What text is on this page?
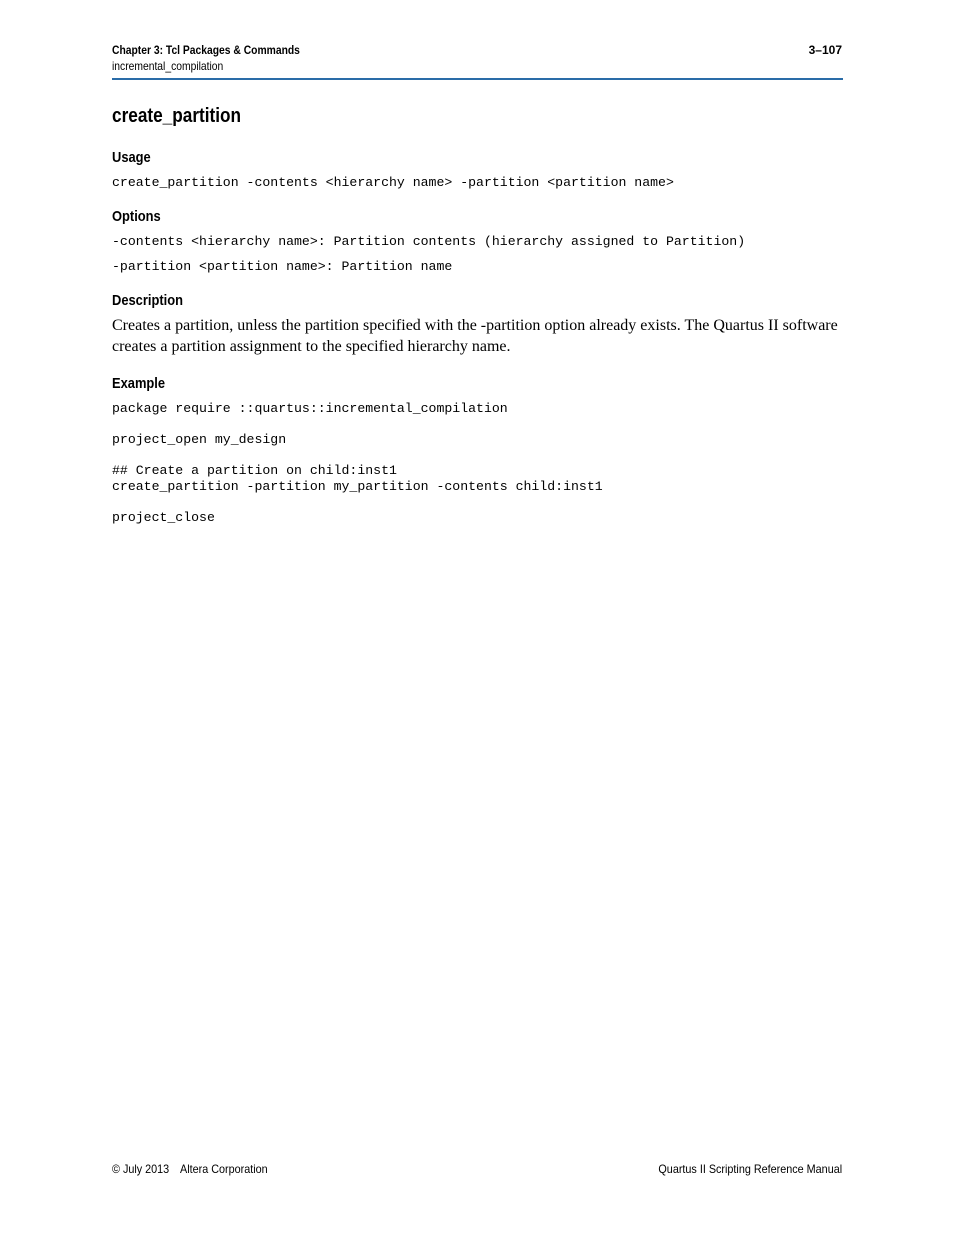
Chapter 3: Tcl Packages & Commands	3–107
incremental_compilation
create_partition
Usage
create_partition -contents <hierarchy name> -partition <partition name>
Options
-contents <hierarchy name>: Partition contents (hierarchy assigned to Partition)
-partition <partition name>: Partition name
Description

Creates a partition, unless the partition specified with the -partition option already exists. The Quartus II software creates a partition assignment to the specified hierarchy name.

Example
package require ::quartus::incremental_compilation
project_open my_design
## Create a partition on child:inst1
create_partition -partition my_partition -contents child:inst1
project_close
© July 2013 Altera Corporation	Quartus II Scripting Reference Manual
